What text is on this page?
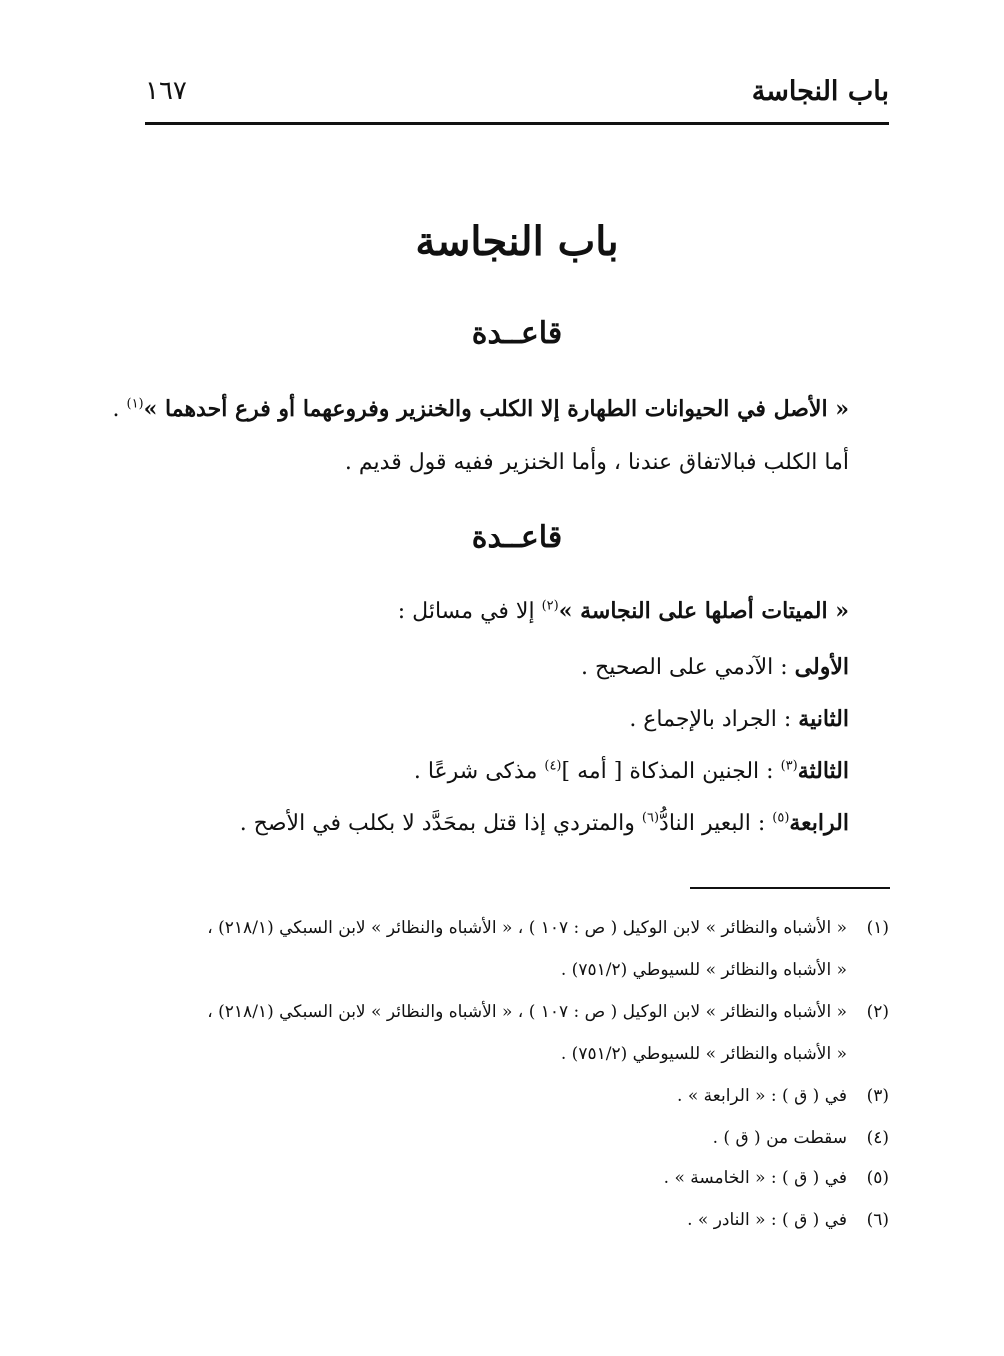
باب النجاسة
١٦٧
باب النجاسة
قاعــدة
« الأصل في الحيوانات الطهارة إلا الكلب والخنزير وفروعهما أو فرع أحدهما »$^{(١)}$ .
أما الكلب فبالاتفاق عندنا ، وأما الخنزير ففيه قول قديم .
قاعــدة
« الميتات أصلها على النجاسة »$^{(٢)}$ إلا في مسائل :
الأولى : الآدمي على الصحيح .
الثانية : الجراد بالإجماع .
الثالثة$^{(٣)}$ : الجنين المذكاة [ أمه ]$^{(٤)}$ مذكى شرعًا .
الرابعة$^{(٥)}$ : البعير النادُّ$^{(٦)}$ والمتردي إذا قتل بمحَدَّد لا بكلب في الأصح .
(١)« الأشباه والنظائر » لابن الوكيل ( ص : ١٠٧ ) ، « الأشباه والنظائر » لابن السبكي (٢١٨/١) ،
« الأشباه والنظائر » للسيوطي (٧٥١/٢) .
(٢)« الأشباه والنظائر » لابن الوكيل ( ص : ١٠٧ ) ، « الأشباه والنظائر » لابن السبكي (٢١٨/١) ،
« الأشباه والنظائر » للسيوطي (٧٥١/٢) .
(٣)في ( ق ) : « الرابعة » .
(٤)سقطت من ( ق ) .
(٥)في ( ق ) : « الخامسة » .
(٦)في ( ق ) : « النادر » .
